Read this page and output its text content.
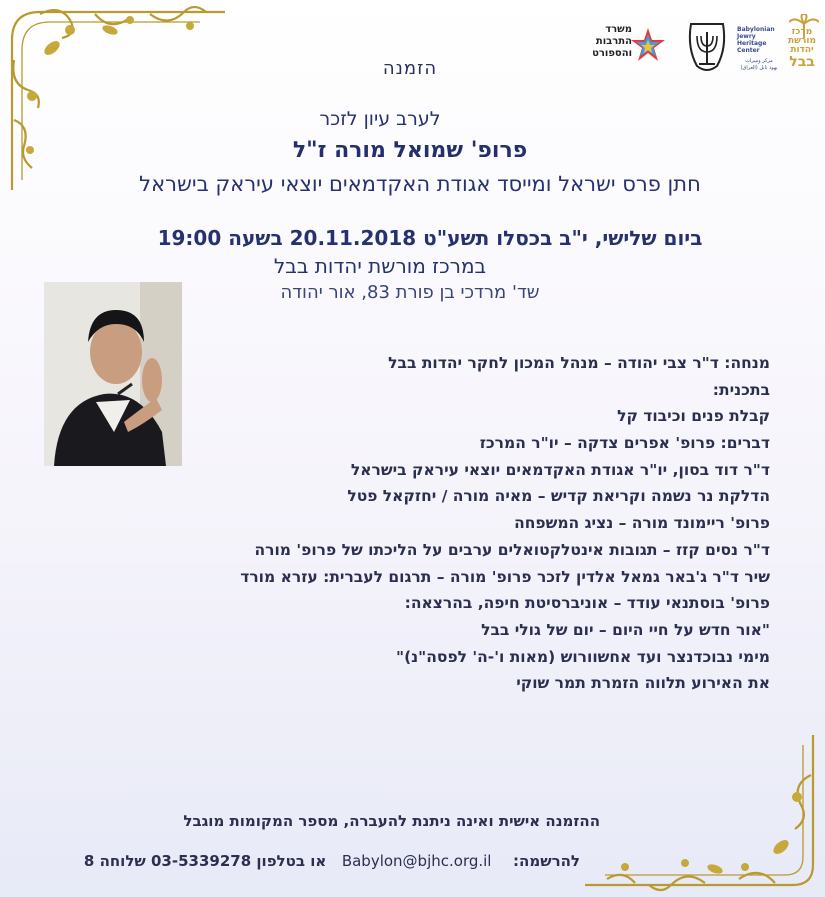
משרד
התרבות
והספורט
Babylonian
Jewry
Heritage
Center
מרכז
מורשת
יהדות
בבל
مركز وميراث
يهود بابل (العراق)
הזמנה
לערב עיון לזכר
פרופ' שמואל מורה ז"ל
חתן פרס ישראל ומייסד אגודת האקדמאים יוצאי עיראק בישראל
ביום שלישי, י"ב בכסלו תשע"ט 20.11.2018 בשעה 19:00
במרכז מורשת יהדות בבל
שד' מרדכי בן פורת 83, אור יהודה
מנחה: ד"ר צבי יהודה – מנהל המכון לחקר יהדות בבל
בתכנית:
קבלת פנים וכיבוד קל
דברים: פרופ' אפרים צדקה – יו"ר המרכז
ד"ר דוד בסון, יו"ר אגודת האקדמאים יוצאי עיראק בישראל
הדלקת נר נשמה וקריאת קדיש – מאיה מורה / יחזקאל פטל
פרופ' ריימונד מורה – נציג המשפחה
ד"ר נסים קזז – תגובות אינטלקטואלים ערבים על הליכתו של פרופ' מורה
שיר ד"ר ג'באר גמאל אלדין לזכר פרופ' מורה – תרגום לעברית: עזרא מורד
פרופ' בוסתנאי עודד – אוניברסיטת חיפה, בהרצאה:
"אור חדש על חיי היום – יום של גולי בבל
מימי נבוכדנצר ועד אחשוורוש (מאות ו'-ה' לפסה"נ)"
את האירוע תלווה הזמרת תמר שוקי
ההזמנה אישית ואינה ניתנת להעברה, מספר המקומות מוגבל
להרשמה:  Babylon@bjhc.org.il  או בטלפון 03-5339278 שלוחה 8
